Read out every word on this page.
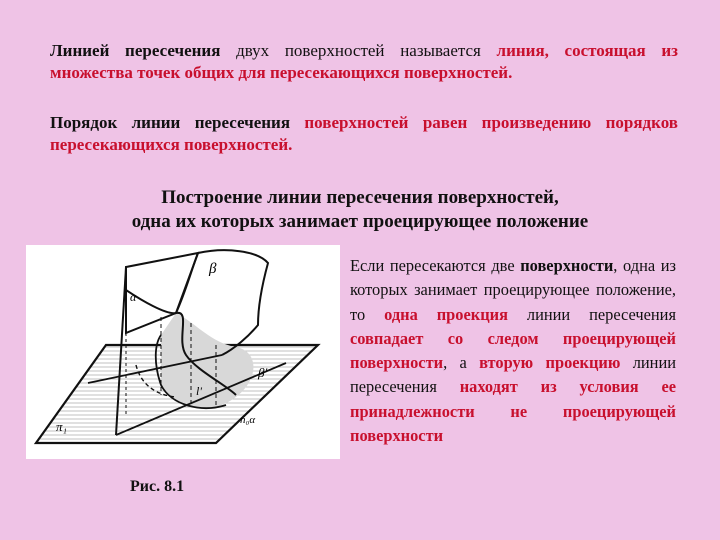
Линией пересечения двух поверхностей называется линия, состоящая из множества точек общих для пересекающихся поверхностей.
Порядок линии пересечения поверхностей равен произведению порядков пересекающихся поверхностей.
Построение линии пересечения поверхностей,
одна их которых занимает проецирующее положение
α
β
β'
l'
π₁	п₀α
Рис. 8.1
Если пересекаются две поверхности, одна из которых занимает проецирующее положение, то одна проекция линии пересечения совпадает со следом проецирующей поверхности, а вторую проекцию линии пересечения находят из условия ее принадлежности не проецирующей поверхности
